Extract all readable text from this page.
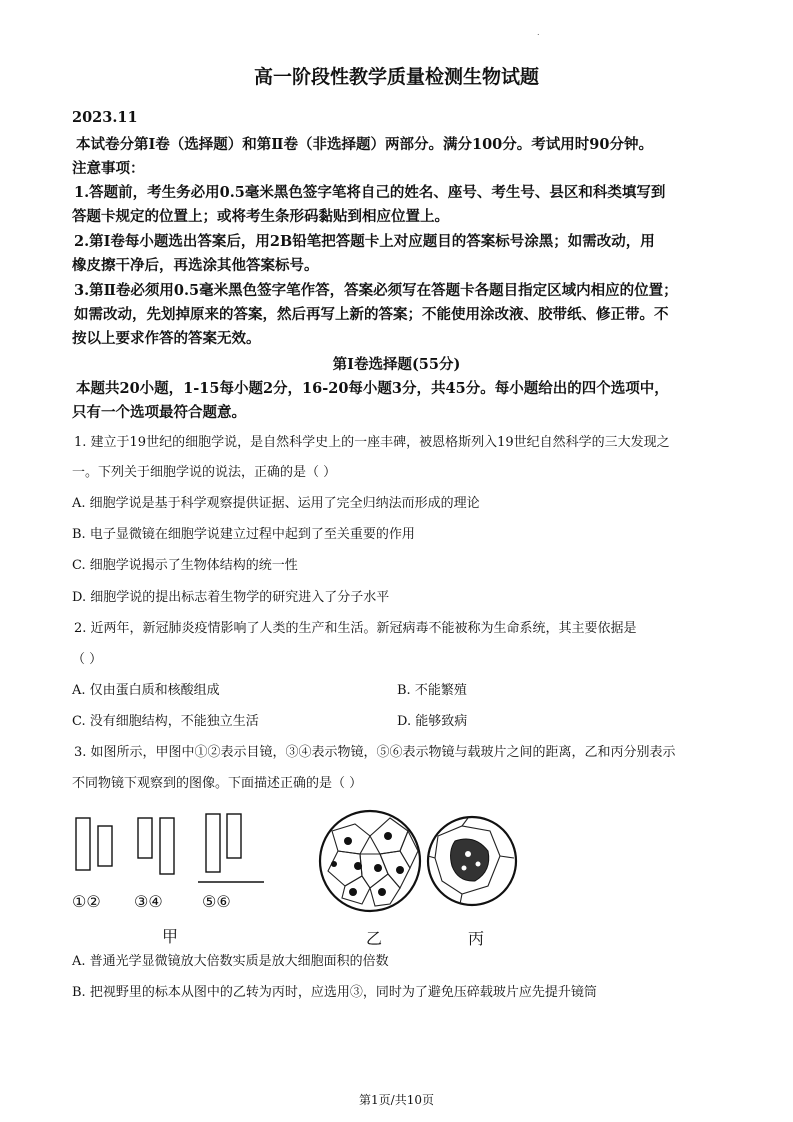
.
高一阶段性教学质量检测生物试题
2023.11
本试卷分第Ⅰ卷（选择题）和第Ⅱ卷（非选择题）两部分。满分100分。考试用时90分钟。
注意事项：
1.答题前，考生务必用0.5毫米黑色签字笔将自己的姓名、座号、考生号、县区和科类填写到
答题卡规定的位置上；或将考生条形码黏贴到相应位置上。
2.第Ⅰ卷每小题选出答案后，用2B铅笔把答题卡上对应题目的答案标号涂黑；如需改动，用
橡皮擦干净后，再选涂其他答案标号。
3.第Ⅱ卷必须用0.5毫米黑色签字笔作答，答案必须写在答题卡各题目指定区域内相应的位置；
如需改动，先划掉原来的答案，然后再写上新的答案；不能使用涂改液、胶带纸、修正带。不
按以上要求作答的答案无效。
第Ⅰ卷选择题(55分)
本题共20小题，1-15每小题2分，16-20每小题3分，共45分。每小题给出的四个选项中，
只有一个选项最符合题意。
1. 建立于19世纪的细胞学说，是自然科学史上的一座丰碑，被恩格斯列入19世纪自然科学的三大发现之
一。下列关于细胞学说的说法，正确的是（ ）
A. 细胞学说是基于科学观察提供证据、运用了完全归纳法而形成的理论
B. 电子显微镜在细胞学说建立过程中起到了至关重要的作用
C. 细胞学说揭示了生物体结构的统一性
D. 细胞学说的提出标志着生物学的研究进入了分子水平
2. 近两年，新冠肺炎疫情影响了人类的生产和生活。新冠病毒不能被称为生命系统，其主要依据是
（ ）
A. 仅由蛋白质和核酸组成	B. 不能繁殖
C. 没有细胞结构，不能独立生活	D. 能够致病
3. 如图所示，甲图中①②表示目镜，③④表示物镜，⑤⑥表示物镜与载玻片之间的距离，乙和丙分别表示
不同物镜下观察到的图像。下面描述正确的是（ ）
①② ③④ ⑤⑥
甲	乙	丙
A. 普通光学显微镜放大倍数实质是放大细胞面积的倍数
B. 把视野里的标本从图中的乙转为丙时，应选用③，同时为了避免压碎载玻片应先提升镜筒
第1页/共10页
